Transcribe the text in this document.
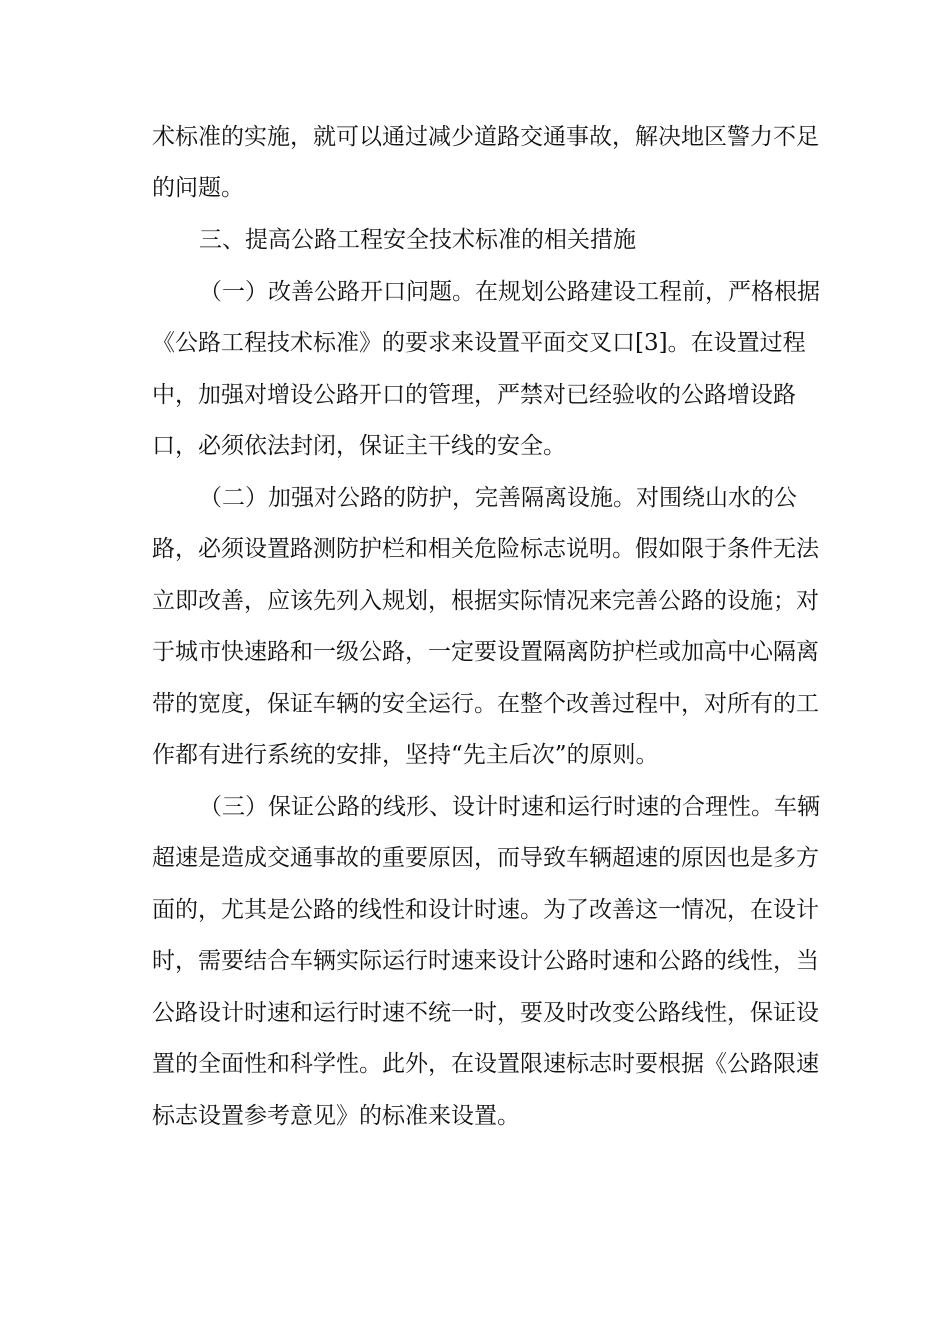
术标准的实施，就可以通过减少道路交通事故，解决地区警力不足
的问题。
三、提高公路工程安全技术标准的相关措施
（一）改善公路开口问题。在规划公路建设工程前，严格根据
《公路工程技术标准》的要求来设置平面交叉口[3]。在设置过程
中，加强对增设公路开口的管理，严禁对已经验收的公路增设路
口，必须依法封闭，保证主干线的安全。
（二）加强对公路的防护，完善隔离设施。对围绕山水的公
路，必须设置路测防护栏和相关危险标志说明。假如限于条件无法
立即改善，应该先列入规划，根据实际情况来完善公路的设施；对
于城市快速路和一级公路，一定要设置隔离防护栏或加高中心隔离
带的宽度，保证车辆的安全运行。在整个改善过程中，对所有的工
作都有进行系统的安排，坚持“先主后次”的原则。
（三）保证公路的线形、设计时速和运行时速的合理性。车辆
超速是造成交通事故的重要原因，而导致车辆超速的原因也是多方
面的，尤其是公路的线性和设计时速。为了改善这一情况，在设计
时，需要结合车辆实际运行时速来设计公路时速和公路的线性，当
公路设计时速和运行时速不统一时，要及时改变公路线性，保证设
置的全面性和科学性。此外，在设置限速标志时要根据《公路限速
标志设置参考意见》的标准来设置。
